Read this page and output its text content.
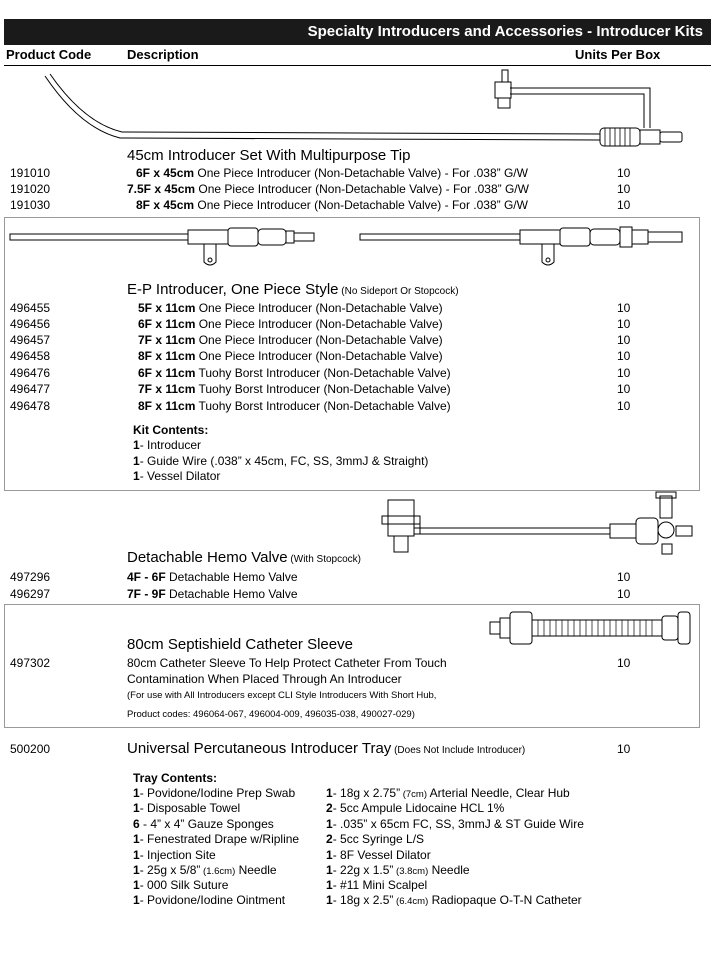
Specialty Introducers and Accessories - Introducer Kits
Product Code	Description	Units Per Box
45cm Introducer Set With Multipurpose Tip
191010	6F x 45cm One Piece Introducer (Non-Detachable Valve) - For .038” G/W	10
191020	7.5F x 45cm One Piece Introducer (Non-Detachable Valve) - For .038” G/W	10
191030	8F x 45cm One Piece Introducer (Non-Detachable Valve) - For .038” G/W	10
E-P Introducer, One Piece Style (No Sideport Or Stopcock)
496455	5F x 11cm One Piece Introducer (Non-Detachable Valve)	10
496456	6F x 11cm One Piece Introducer (Non-Detachable Valve)	10
496457	7F x 11cm One Piece Introducer (Non-Detachable Valve)	10
496458	8F x 11cm One Piece Introducer (Non-Detachable Valve)	10
496476	6F x 11cm Tuohy Borst Introducer (Non-Detachable Valve)	10
496477	7F x 11cm Tuohy Borst Introducer (Non-Detachable Valve)	10
496478	8F x 11cm Tuohy Borst Introducer (Non-Detachable Valve)	10
Kit Contents:
1- Introducer
1- Guide Wire (.038” x 45cm, FC, SS, 3mmJ & Straight)
1- Vessel Dilator
Detachable Hemo Valve (With Stopcock)
497296	4F - 6F Detachable Hemo Valve	10
496297	7F - 9F Detachable Hemo Valve	10
80cm Septishield Catheter Sleeve
497302	80cm Catheter Sleeve To Help Protect Catheter From Touch	10
Contamination When Placed Through An Introducer
(For use with All Introducers except CLI Style Introducers With Short Hub,
Product codes: 496064-067, 496004-009, 496035-038, 490027-029)
500200	Universal Percutaneous Introducer Tray (Does Not Include Introducer)	10
Tray Contents:
1- Povidone/Iodine Prep Swab
1- Disposable Towel
6 - 4” x 4” Gauze Sponges
1- Fenestrated Drape w/Ripline
1- Injection Site
1- 25g x 5/8” (1.6cm) Needle
1- 000 Silk Suture
1- Povidone/Iodine Ointment
1- 18g x 2.75” (7cm) Arterial Needle, Clear Hub
2- 5cc Ampule Lidocaine HCL 1%
1- .035” x 65cm FC, SS, 3mmJ & ST Guide Wire
2- 5cc Syringe L/S
1- 8F Vessel Dilator
1- 22g x 1.5” (3.8cm) Needle
1- #11 Mini Scalpel
1- 18g x 2.5” (6.4cm) Radiopaque O-T-N Catheter
